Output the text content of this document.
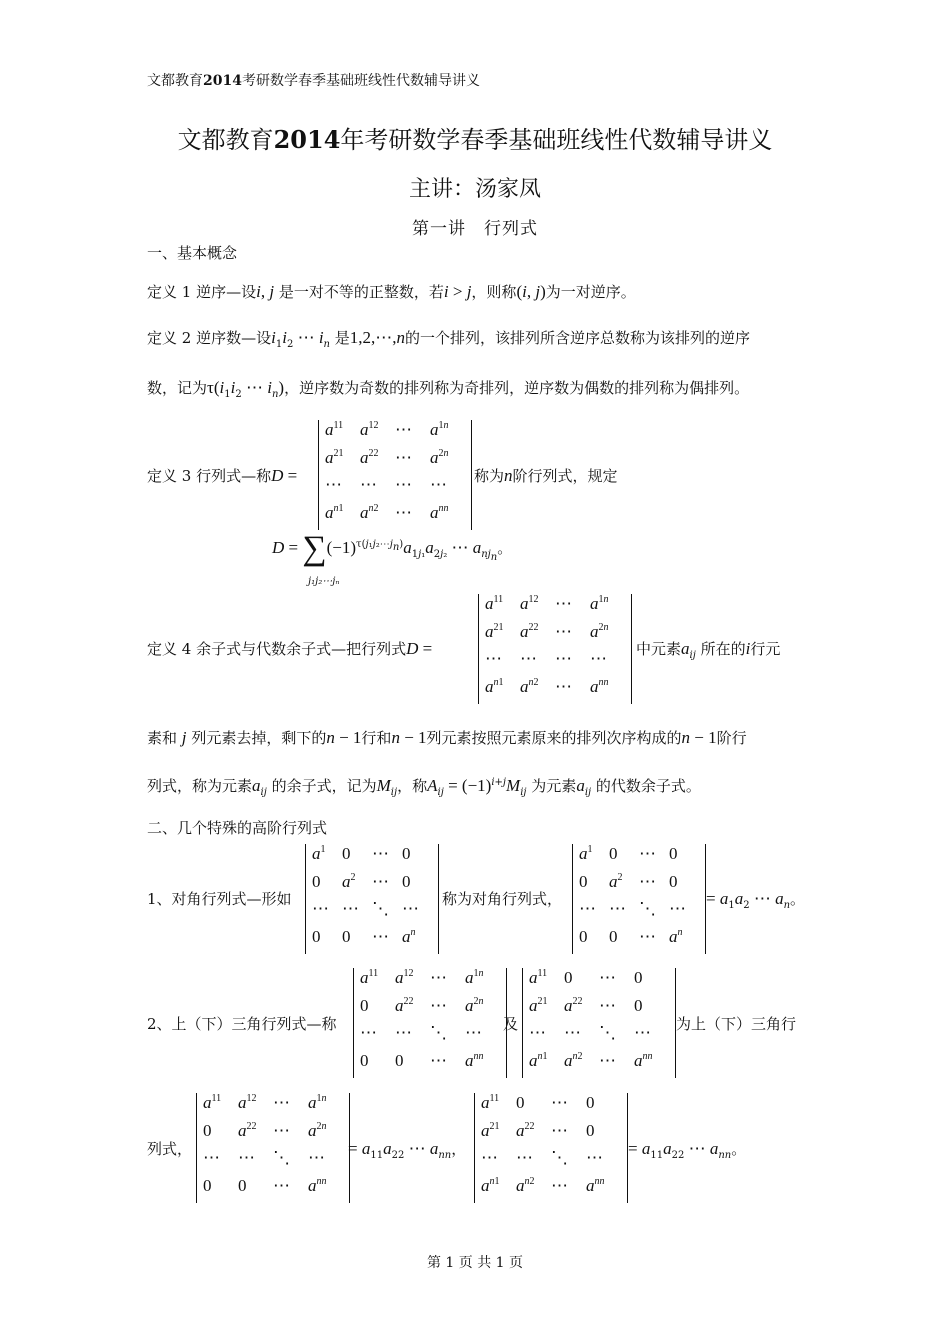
文都教育2014考研数学春季基础班线性代数辅导讲义
文都教育2014年考研数学春季基础班线性代数辅导讲义
主讲：汤家凤
第一讲　行列式
一、基本概念
定义 1 逆序—设i, j 是一对不等的正整数，若i > j，则称(i, j)为一对逆序。
定义 2 逆序数—设$i_1i_2$ ⋯ $i_n$ 是1,2,⋯,n的一个排列，该排列所含逆序总数称为该排列的逆序
数，记为$\tau(i_1i_2$ ⋯ $i_n$)，逆序数为奇数的排列称为奇排列，逆序数为偶数的排列称为偶排列。
定义 3 行列式—称D =
$a^{11}$ $a^{12}$ ⋯	$a^{1n}$
$a^{21}$ $a^{22}$ ⋯	$a^{2n}$
⋯	⋯	⋯	⋯
a $^{n1}$ a $^{n2}$ ⋯	a $^{nn}$
称为n阶行列式，规定
$D = \sum(-1)^{\tau(j_1j_2\cdots j_n)}a_{1j_1}a_{2j_2}$ ⋯ $a_{nj_n}$。
j₁j₂⋯jₙ
定义 4 余子式与代数余子式—把行列式D =
$a^{11}$ $a^{12}$ ⋯	$a^{1n}$
$a^{21}$ $a^{22}$ ⋯	$a^{2n}$
⋯	⋯	⋯	⋯
a $^{n1}$ a $^{n2}$ ⋯	a $^{nn}$
中元素$a_{ij}$ 所在的i行元
素和 j 列元素去掉，剩下的n − 1行和n − 1列元素按照元素原来的排列次序构成的n − 1阶行
列式，称为元素$a_{ij}$ 的余子式，记为$M_{ij}$，称$A_{ij} = (-1)^{i+j}M_{ij}$ 为元素$a_{ij}$ 的代数余子式。
二、几个特殊的高阶行列式
1、对角行列式—形如
$a^1$ 0	⋯ 0
0	$a^2$ ⋯ 0
⋯ ⋯ ⋱ ⋯
0	0	⋯ a $^n$
称为对角行列式，
$a^1$ 0	⋯ 0
0	$a^2$ ⋯ 0
⋯ ⋯ ⋱ ⋯
0	0	⋯ a $^n$
= $a_1a_2$ ⋯ $a_n$。
2、上（下）三角行列式—称
$a^{11}$ $a^{12}$ ⋯	$a^{1n}$
0	$a^{22}$ ⋯	$a^{2n}$
⋯	⋯	⋱	⋯
0	0	⋯	a $^{nn}$
及
$a^{11}$ 0	⋯	0
$a^{21}$ $a^{22}$ ⋯	0
⋯	⋯	⋱	⋯
a $^{n1}$ a $^{n2}$ ⋯	a $^{nn}$
为上（下）三角行
列式，
$a^{11}$ $a^{12}$ ⋯	$a^{1n}$
0	$a^{22}$ ⋯	$a^{2n}$
⋯	⋯	⋱	⋯
0	0	⋯	a $^{nn}$
= $a_{11}a_{22}$ ⋯ $a_{nn}$，
$a^{11}$ 0	⋯	0
$a^{21}$ $a^{22}$ ⋯	0
⋯	⋯	⋱	⋯
a $^{n1}$ a $^{n2}$ ⋯	a $^{nn}$
= $a_{11}a_{22}$ ⋯ $a_{nn}$。
第 1 页 共 1 页
